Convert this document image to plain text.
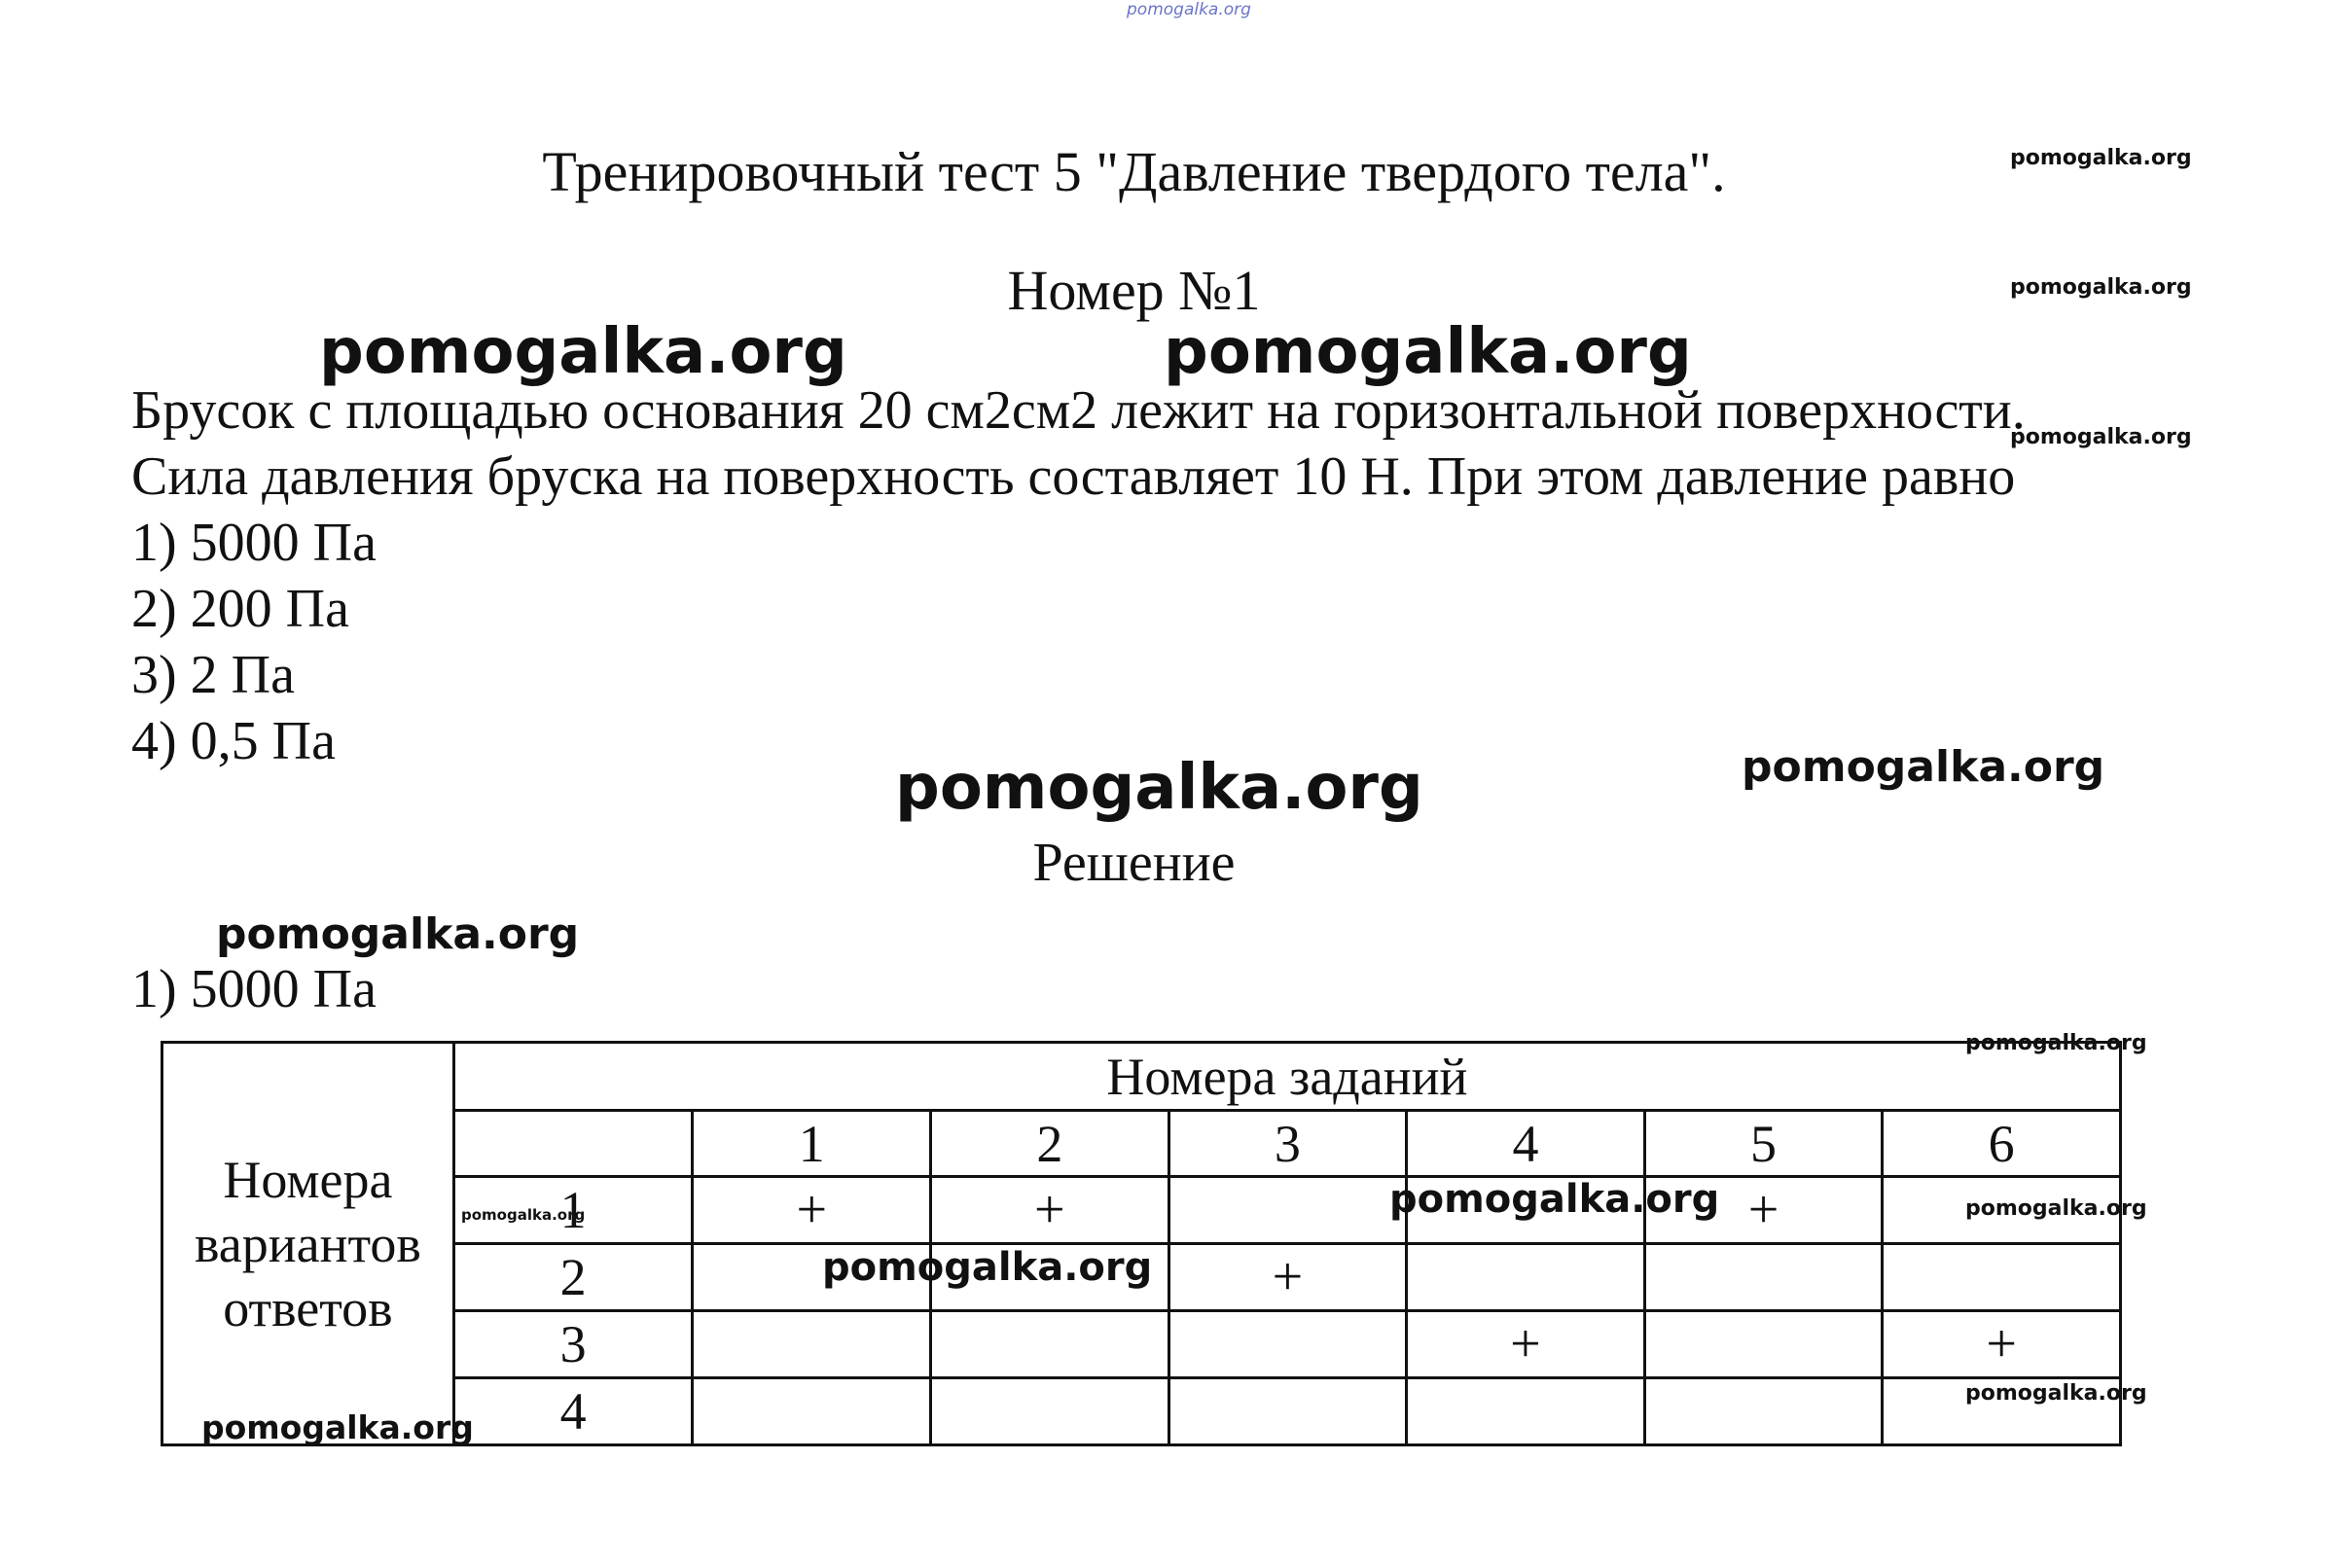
pomogalka.org
Тренировочный тест 5 "Давление твердого тела".	pomogalka.org
Номер №1	pomogalka.org
Брусок с площадью основания 20 см2см2 лежит на горизонтальной поверхности.
Сила давления бруска на поверхность составляет 10 Н. При этом давление равно
1) 5000 Па
2) 200 Па
3) 2 Па
4) 0,5 Па
pomogalka.org	pomogalka.org
pomogalka.org
pomogalka.org	pomogalka.org
Решение
pomogalka.org
1) 5000 Па
Номера
вариантов
ответов	Номера заданий						
		1	2	3	4	5	6
	1	+	+			+	
	2			+			
	3				+		+
	4						
pomogalka.org
pomogalka.org	pomogalka.org	pomogalka.org
pomogalka.org
pomogalka.org
pomogalka.org
